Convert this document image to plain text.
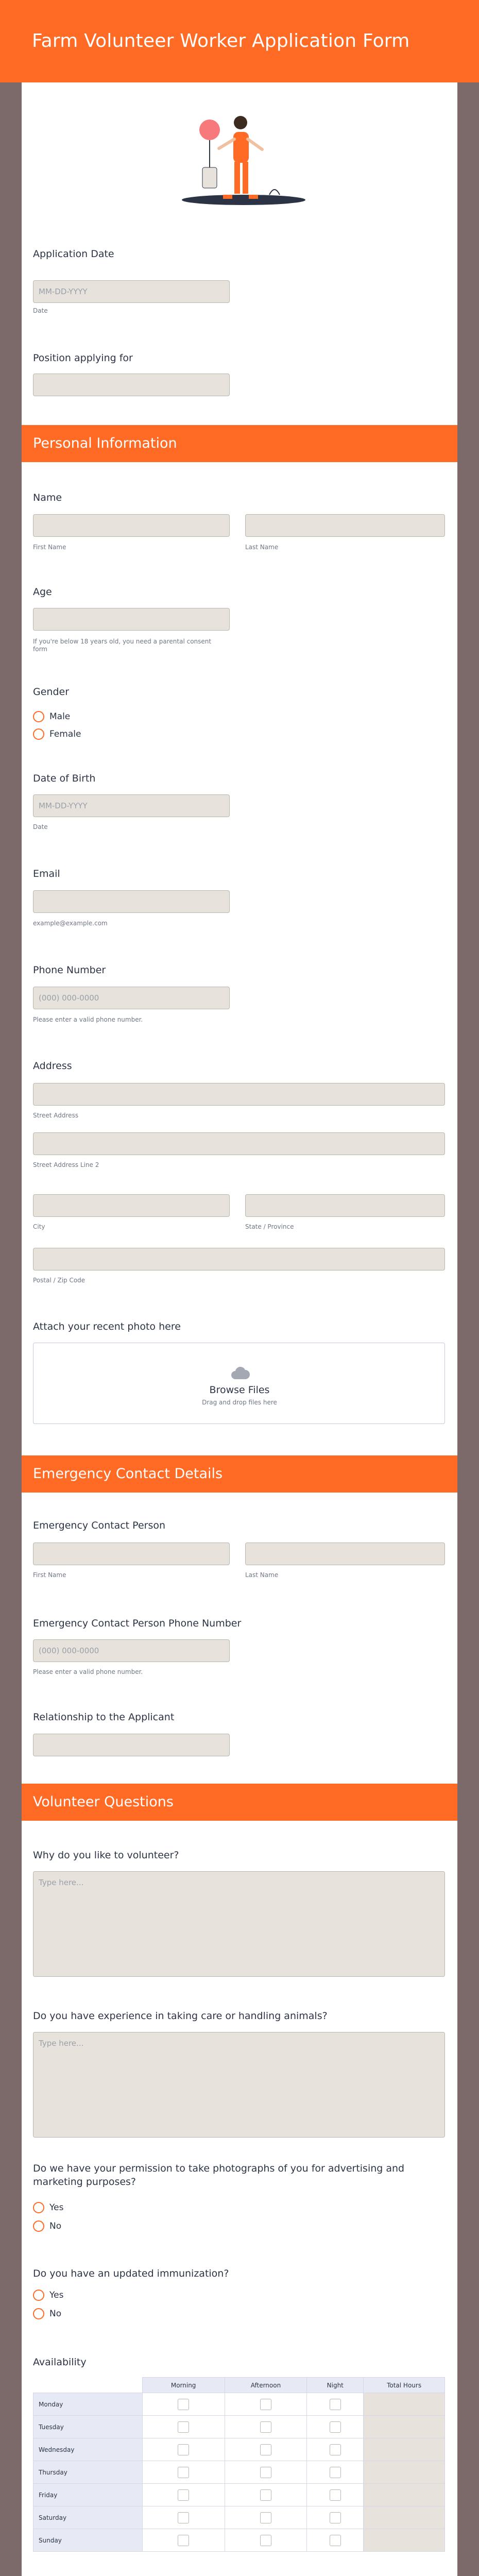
Farm Volunteer Worker Application Form
Application Date
MM-DD-YYYY
Date
Position applying for
Personal Information
Name
First Name	Last Name
Age
If you're below 18 years old, you need a parental consent form
Gender
Male
Female
Date of Birth
MM-DD-YYYY
Date
Email
example@example.com
Phone Number
(000) 000-0000
Please enter a valid phone number.
Address
Street Address
Street Address Line 2
City	State / Province
Postal / Zip Code
Attach your recent photo here
Browse Files
Drag and drop files here
Emergency Contact Details
Emergency Contact Person
First Name	Last Name
Emergency Contact Person Phone Number
(000) 000-0000
Please enter a valid phone number.
Relationship to the Applicant
Volunteer Questions
Why do you like to volunteer?
Type here...
Do you have experience in taking care or handling animals?
Type here...
Do we have your permission to take photographs of you for advertising and marketing purposes?
Yes
No
Do you have an updated immunization?
Yes
No
Availability
	Morning	Afternoon	Night	Total Hours
Monday	

Tuesday	

Wednesday	

Thursday	

Friday	

Saturday	

Sunday	
